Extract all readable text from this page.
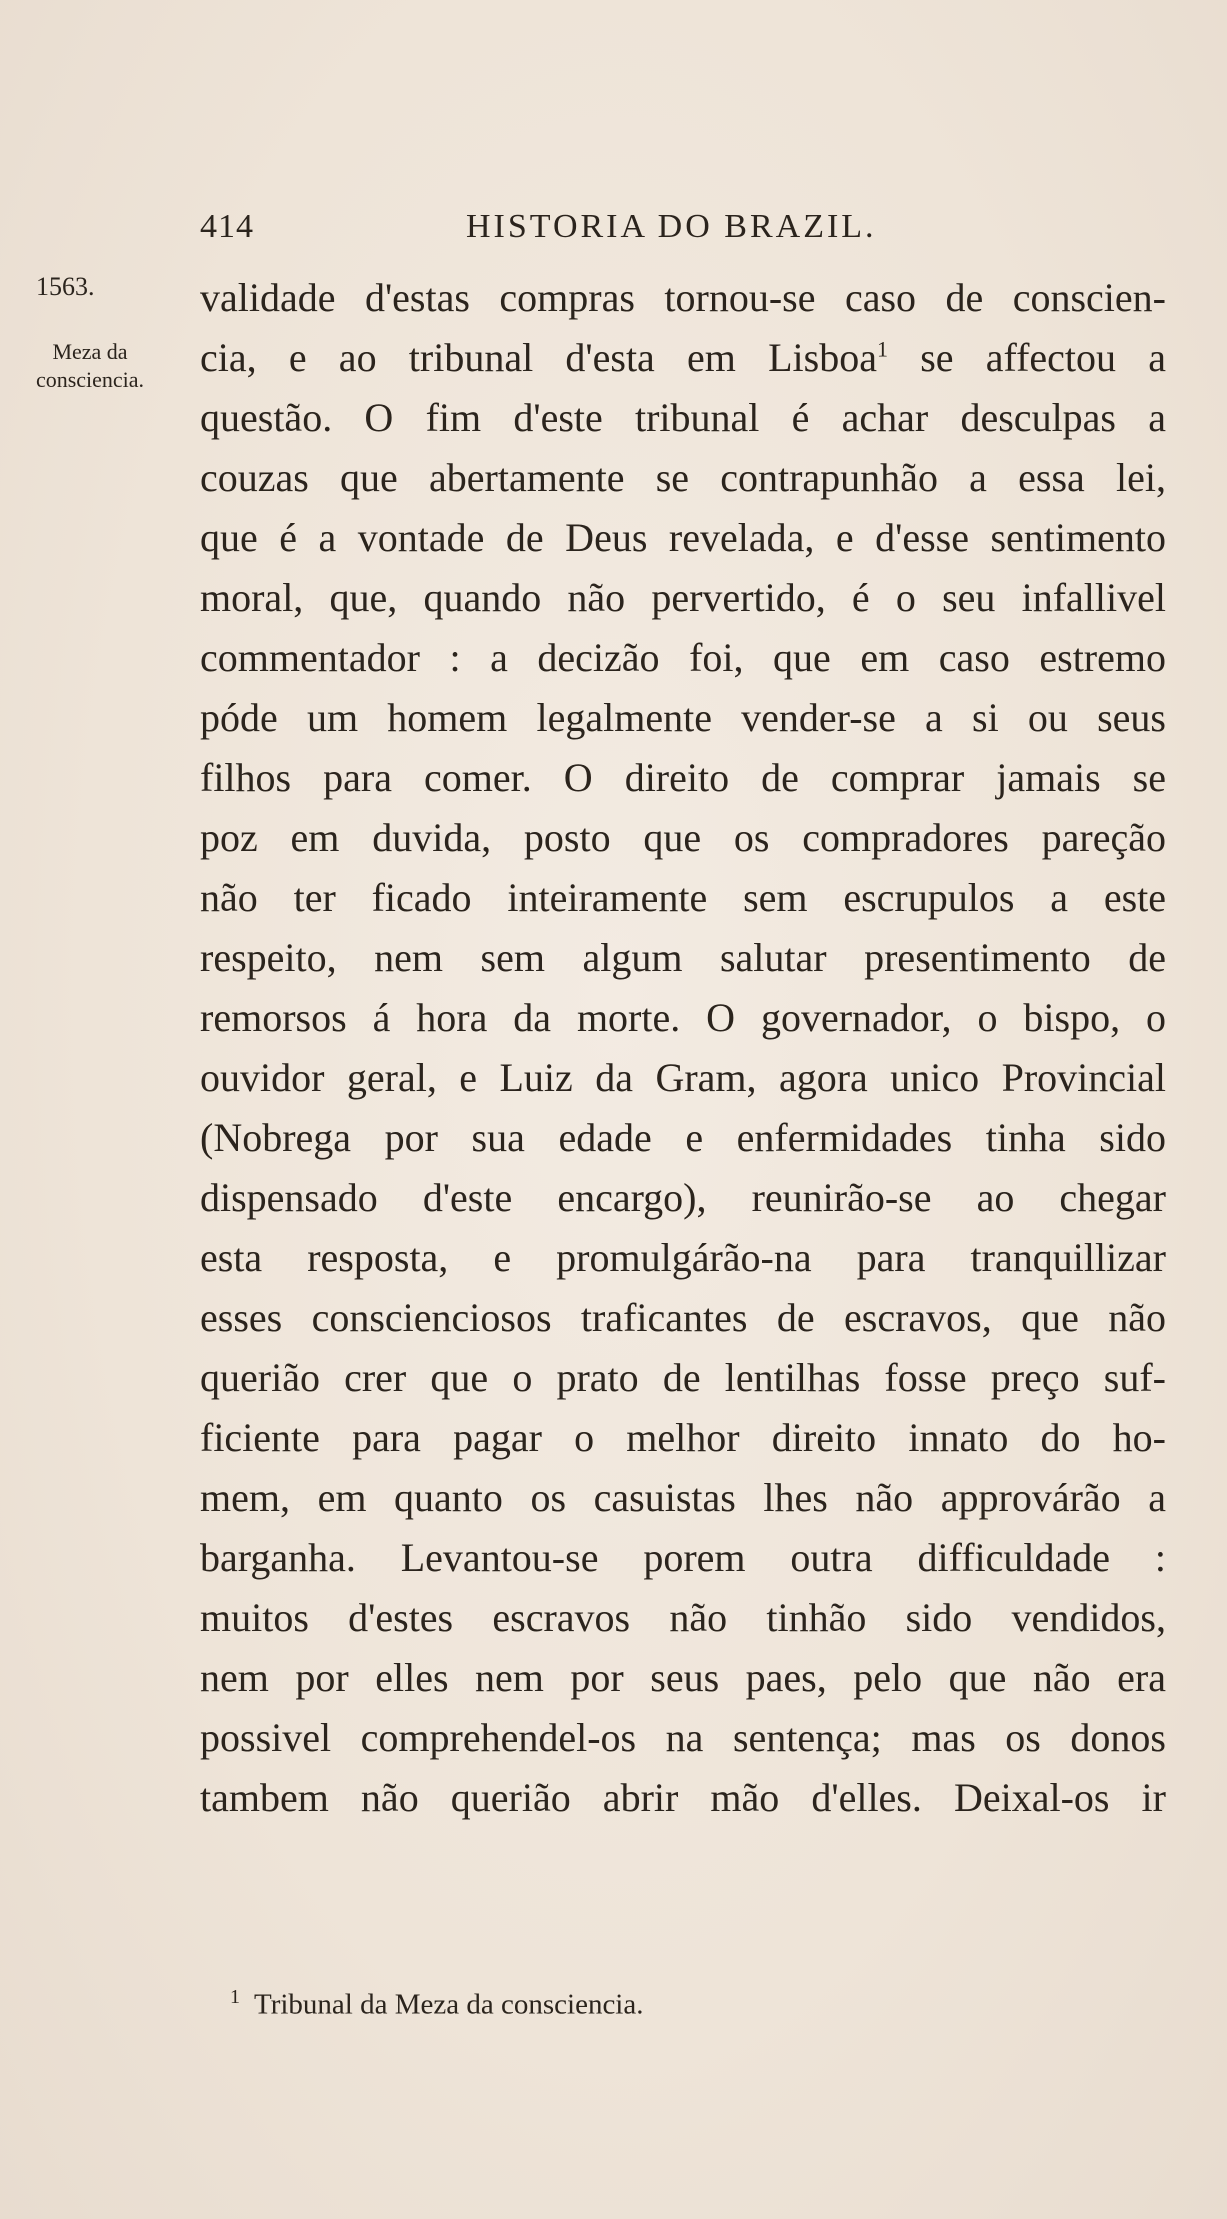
414	HISTORIA DO BRAZIL.
1563.
Meza da
consciencia.
validade d'estas compras tornou-se caso de conscien-
cia, e ao tribunal d'esta em Lisboa$^1$ se affectou a
questão. O fim d'este tribunal é achar desculpas a
couzas que abertamente se contrapunhão a essa lei,
que é a vontade de Deus revelada, e d'esse sentimento
moral, que, quando não pervertido, é o seu infallivel
commentador : a decizão foi, que em caso estremo
póde um homem legalmente vender-se a si ou seus
filhos para comer. O direito de comprar jamais se
poz em duvida, posto que os compradores pareção
não ter ficado inteiramente sem escrupulos a este
respeito, nem sem algum salutar presentimento de
remorsos á hora da morte. O governador, o bispo, o
ouvidor geral, e Luiz da Gram, agora unico Provincial
(Nobrega por sua edade e enfermidades tinha sido
dispensado d'este encargo), reunirão-se ao chegar
esta resposta, e promulgárão-na para tranquillizar
esses conscienciosos traficantes de escravos, que não
querião crer que o prato de lentilhas fosse preço suf-
ficiente para pagar o melhor direito innato do ho-
mem, em quanto os casuistas lhes não approvárão a
barganha. Levantou-se porem outra difficuldade :
muitos d'estes escravos não tinhão sido vendidos,
nem por elles nem por seus paes, pelo que não era
possivel comprehendel-os na sentença; mas os donos
tambem não querião abrir mão d'elles. Deixal-os ir
$^1$ Tribunal da Meza da consciencia.
